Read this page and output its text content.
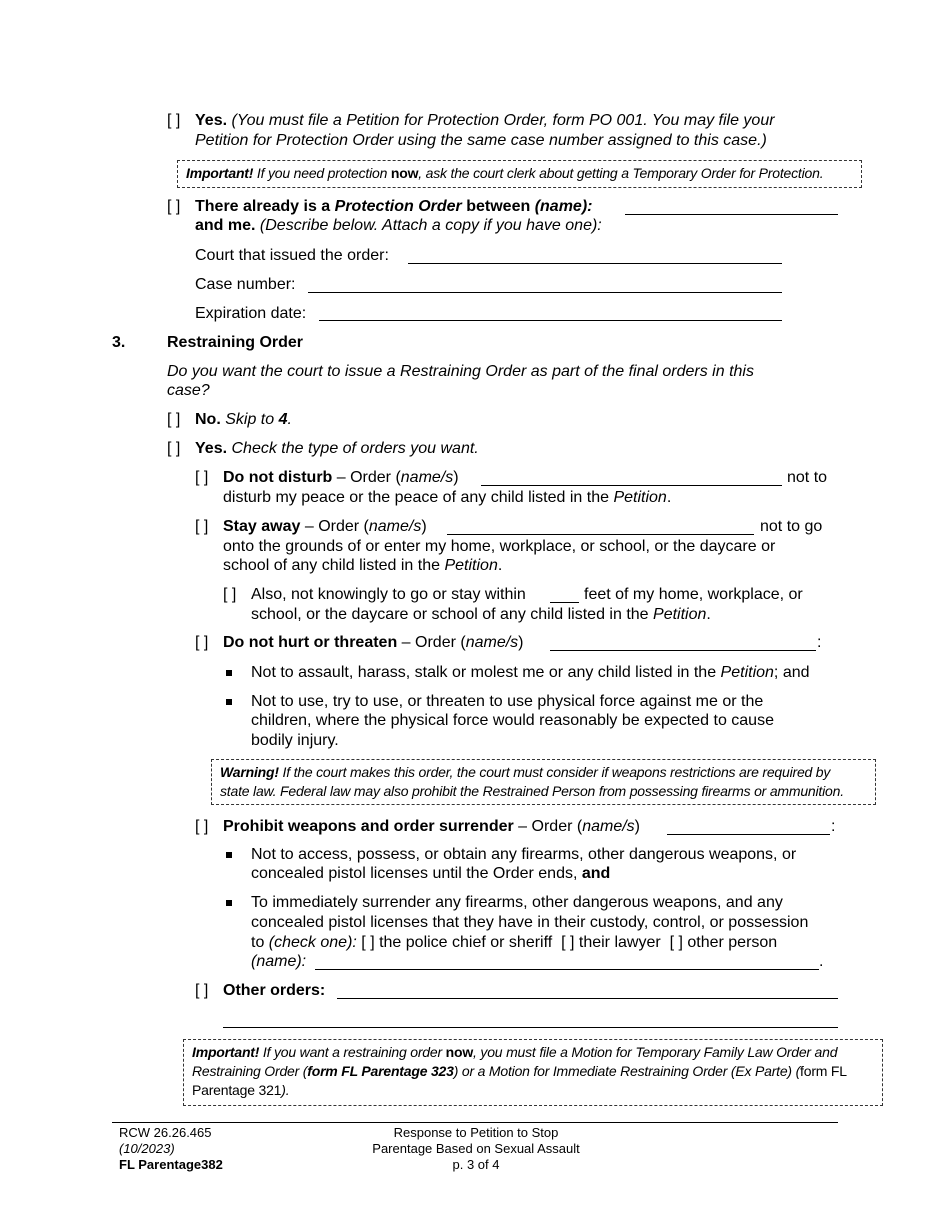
[ ] Yes. (You must file a Petition for Protection Order, form PO 001. You may file your
Petition for Protection Order using the same case number assigned to this case.)
Important! If you need protection now, ask the court clerk about getting a Temporary Order for Protection.
[ ] There already is a Protection Order between (name):
and me. (Describe below. Attach a copy if you have one):
Court that issued the order:
Case number:
Expiration date:
3.	Restraining Order
Do you want the court to issue a Restraining Order as part of the final orders in this
case?
[ ] No. Skip to 4.
[ ] Yes. Check the type of orders you want.
[ ] Do not disturb – Order (name/s)	not to
disturb my peace or the peace of any child listed in the Petition.
[ ] Stay away – Order (name/s)	not to go
onto the grounds of or enter my home, workplace, or school, or the daycare or
school of any child listed in the Petition.
[ ] Also, not knowingly to go or stay within	feet of my home, workplace, or
school, or the daycare or school of any child listed in the Petition.
[ ] Do not hurt or threaten – Order (name/s)	:
Not to assault, harass, stalk or molest me or any child listed in the Petition; and
Not to use, try to use, or threaten to use physical force against me or the
children, where the physical force would reasonably be expected to cause
bodily injury.
Warning! If the court makes this order, the court must consider if weapons restrictions are required by
state law. Federal law may also prohibit the Restrained Person from possessing firearms or ammunition.
[ ] Prohibit weapons and order surrender – Order (name/s)	:
Not to access, possess, or obtain any firearms, other dangerous weapons, or
concealed pistol licenses until the Order ends, and
To immediately surrender any firearms, other dangerous weapons, and any
concealed pistol licenses that they have in their custody, control, or possession
to (check one): [ ] the police chief or sheriff  [ ] their lawyer  [ ] other person
(name):	.
[ ] Other orders:
Important! If you want a restraining order now, you must file a Motion for Temporary Family Law Order and
Restraining Order (form FL Parentage 323) or a Motion for Immediate Restraining Order (Ex Parte) (form FL
Parentage 321).
RCW 26.26.465
(10/2023)
FL Parentage382
Response to Petition to Stop
Parentage Based on Sexual Assault
p. 3 of 4
